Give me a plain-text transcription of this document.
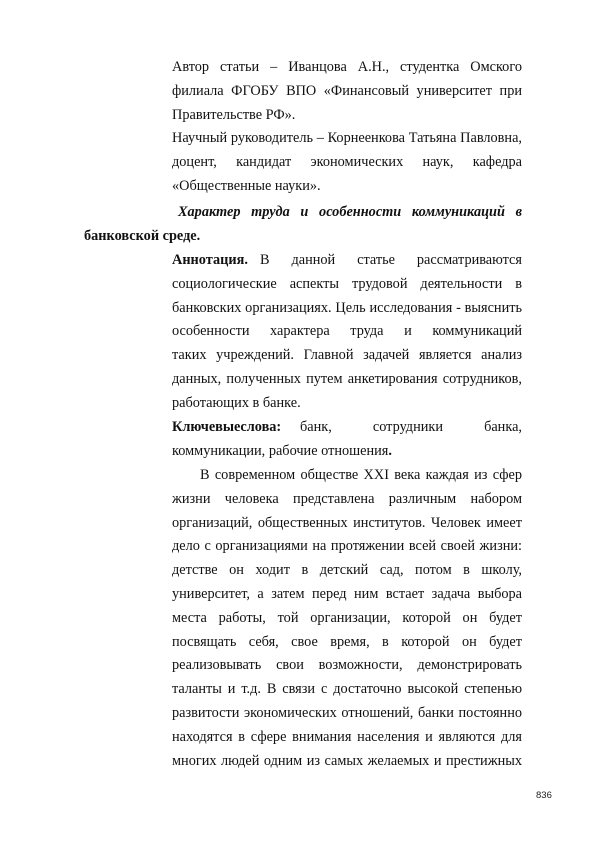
Автор статьи – Иванцова А.Н., студентка Омского
филиала ФГОБУ ВПО «Финансовый университет при
Правительстве РФ».
Научный руководитель – Корнеенкова Татьяна Павловна,
доцент, кандидат экономических наук, кафедра
«Общественные науки».
Характер труда и особенности коммуникаций в
банковской среде.
Аннотация. В данной статье рассматриваются
социологические аспекты трудовой деятельности в
банковских организациях. Цель исследования - выяснить
особенности характера труда и коммуникаций
таких учреждений. Главной задачей является анализ
данных, полученных путем анкетирования сотрудников,
работающих в банке.
Ключевые слова: банк,	сотрудники	банка,
коммуникации, рабочие отношения.
В современном обществе XXI века каждая из сфер
жизни человека представлена различным набором
организаций, общественных институтов. Человек имеет
дело с организациями на протяжении всей своей жизни:
детстве он ходит в детский сад, потом в школу,
университет, а затем перед ним встает задача выбора
места работы, той организации, которой он будет
посвящать себя, свое время, в которой он будет
реализовывать свои возможности, демонстрировать
таланты и т.д. В связи с достаточно высокой степенью
развитости экономических отношений, банки постоянно
находятся в сфере внимания населения и являются для
многих людей одним из самых желаемых и престижных
836
